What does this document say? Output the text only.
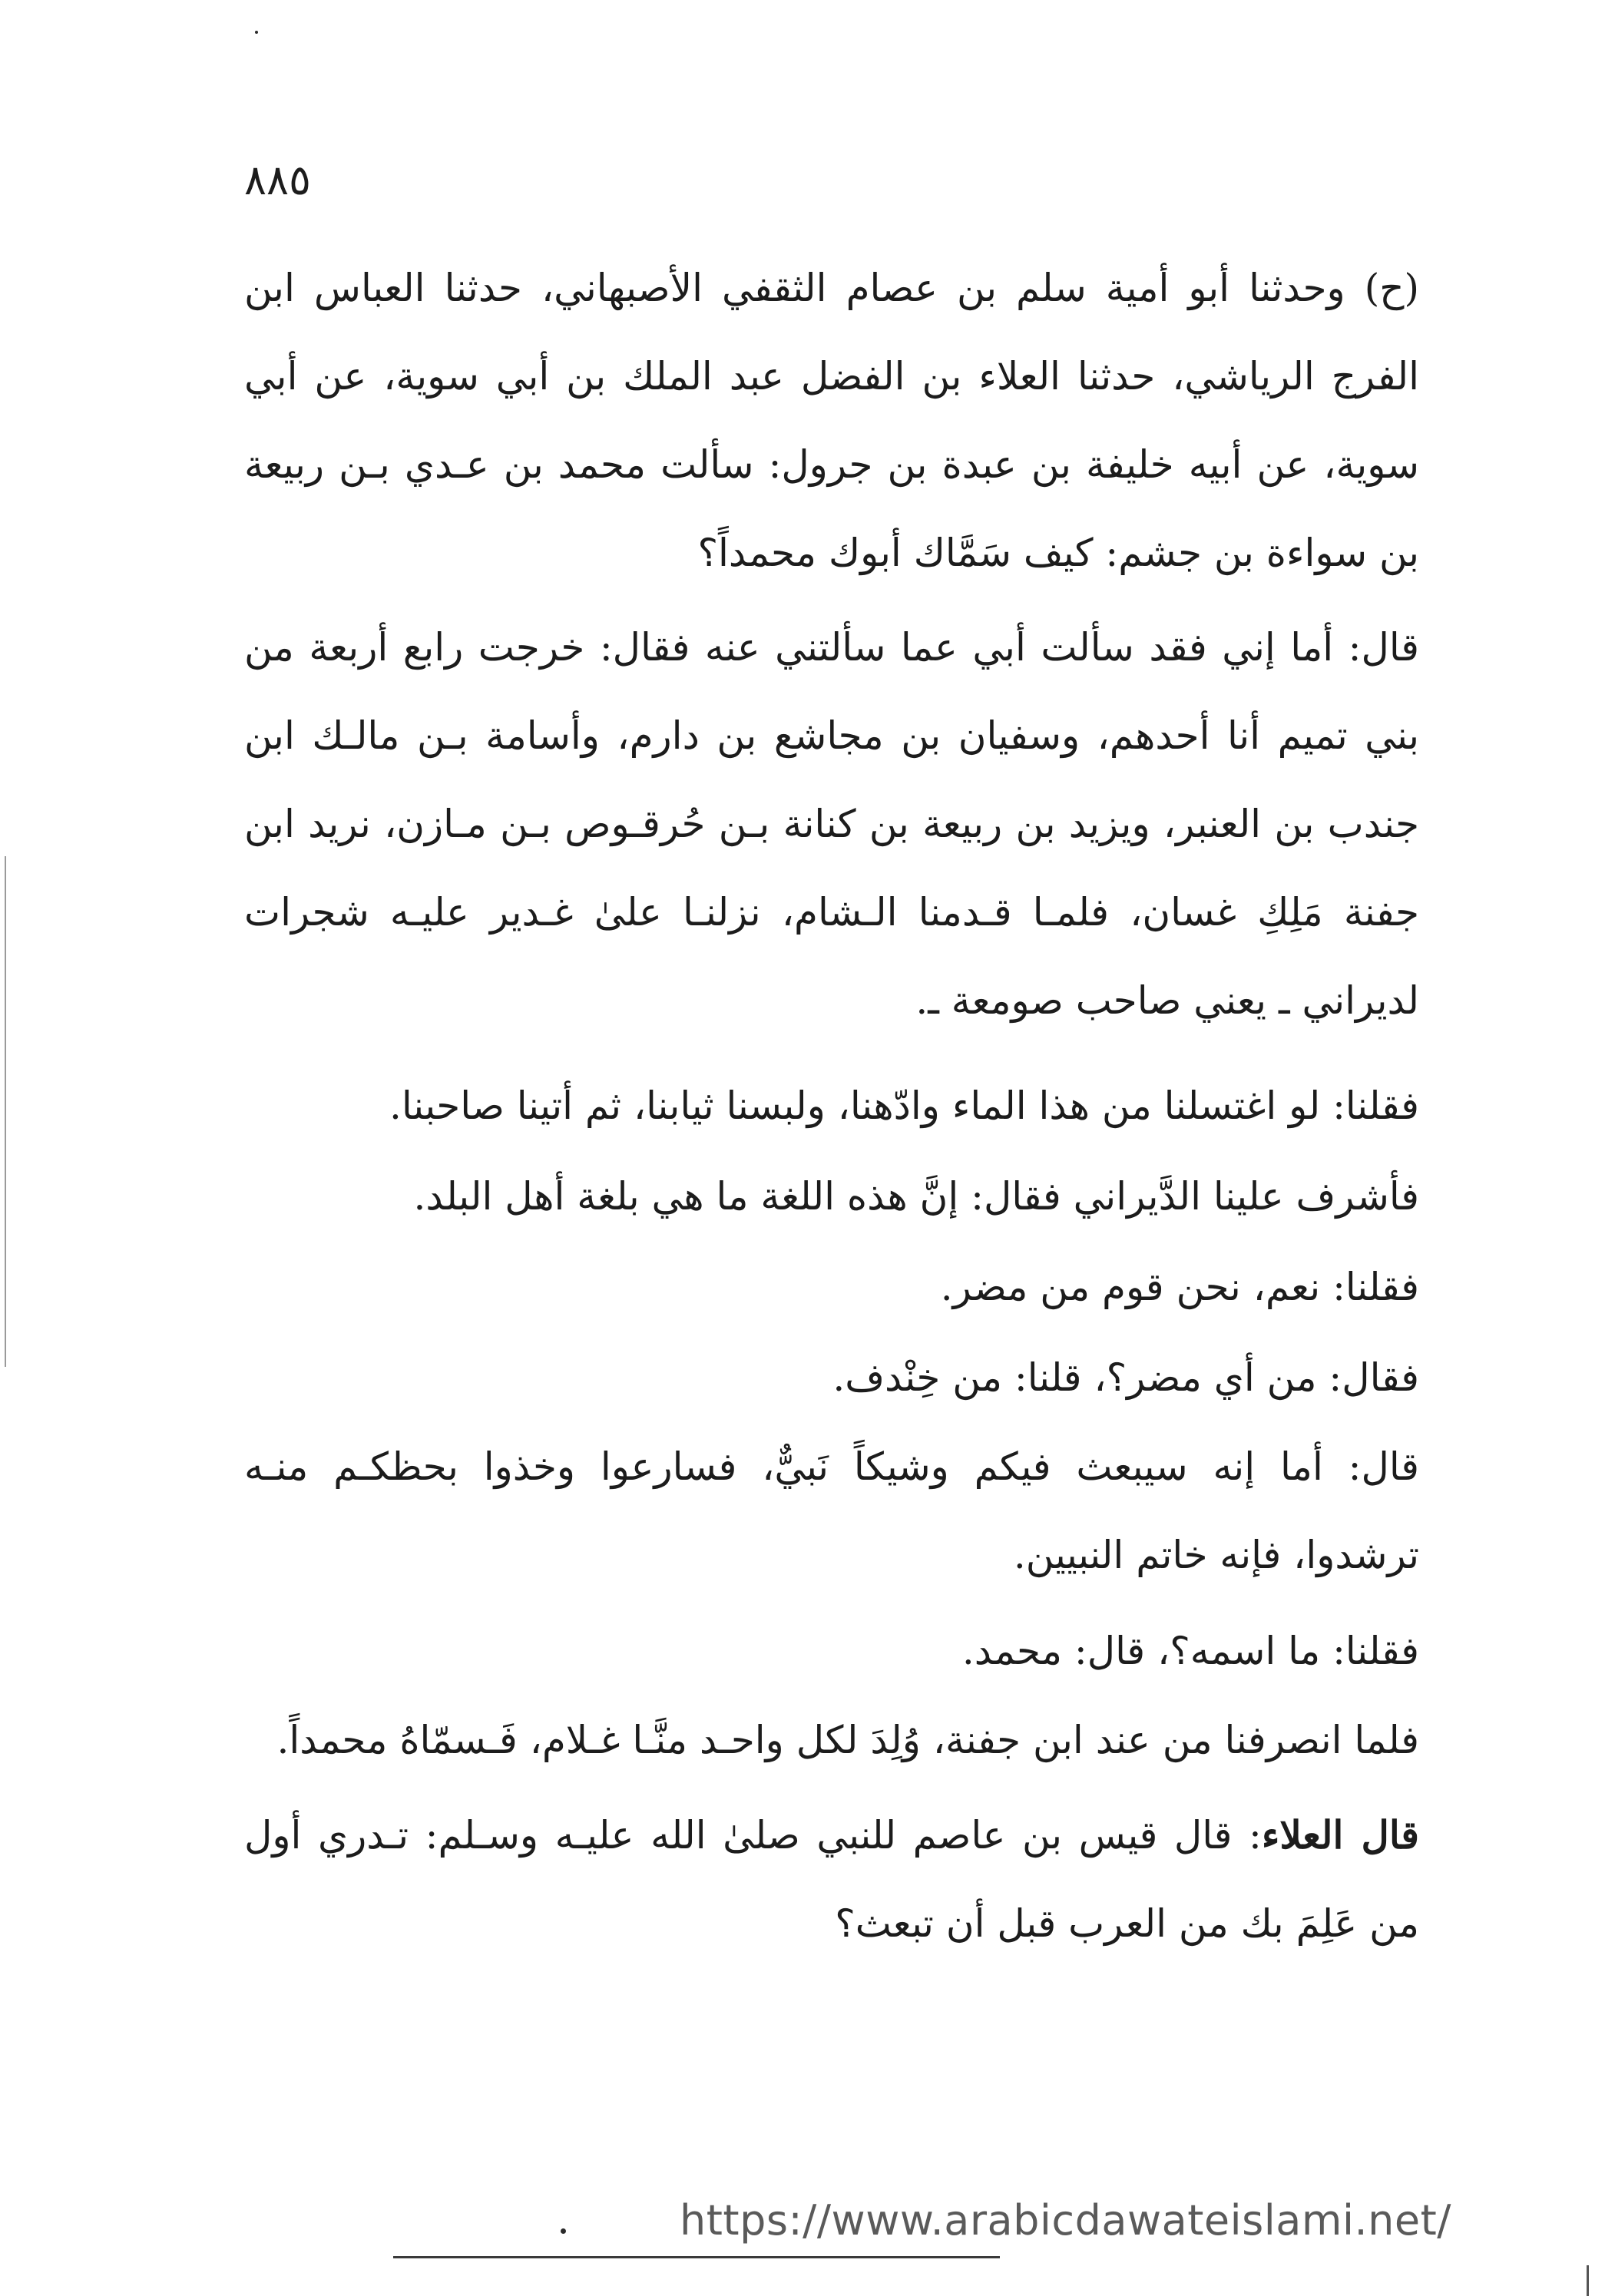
٨٨٥

(ح) وحدثنا أبو أمية سلم بن عصام الثقفي الأصبهاني، حدثنا العباس ابن الفرج الرياشي، حدثنا العلاء بن الفضل عبد الملك بن أبي سوية، عن أبي سوية، عن أبيه خليفة بن عبدة بن جرول: سألت محمد بن عـدي بـن ربيعة بن سواءة بن جشم: كيف سَمَّاك أبوك محمداً؟

قال: أما إني فقد سألت أبي عما سألتني عنه فقال: خرجت رابع أربعة من بني تميم أنا أحدهم، وسفيان بن مجاشع بن دارم، وأسامة بـن مالـك ابن جندب بن العنبر، ويزيد بن ربيعة بن كنانة بـن حُرقـوص بـن مـازن، نريد ابن جفنة مَلِكِ غسان، فلمـا قـدمنا الـشام، نزلنـا علىٰ غـدير عليـه شجرات لديراني ـ يعني صاحب صومعة ـ.

فقلنا: لو اغتسلنا من هذا الماء وادّهنا، ولبسنا ثيابنا، ثم أتينا صاحبنا.

فأشرف علينا الدَّيراني فقال: إنَّ هذه اللغة ما هي بلغة أهل البلد.

فقلنا: نعم، نحن قوم من مضر.

فقال: من أي مضر؟، قلنا: من خِنْدف.

قال: أما إنه سيبعث فيكم وشيكاً نَبيٌّ، فسارعوا وخذوا بحظكـم منـه ترشدوا، فإنه خاتم النبيين.

فقلنا: ما اسمه؟، قال: محمد.

فلما انصرفنا من عند ابن جفنة، وُلِدَ لكل واحـد منَّـا غـلام، فَـسمّاهُ محمداً.

قال العلاء: قال قيس بن عاصم للنبي صلىٰ الله عليـه وسـلم: تـدري أول من عَلِمَ بك من العرب قبل أن تبعث؟

https://www.arabicdawateislami.net/
